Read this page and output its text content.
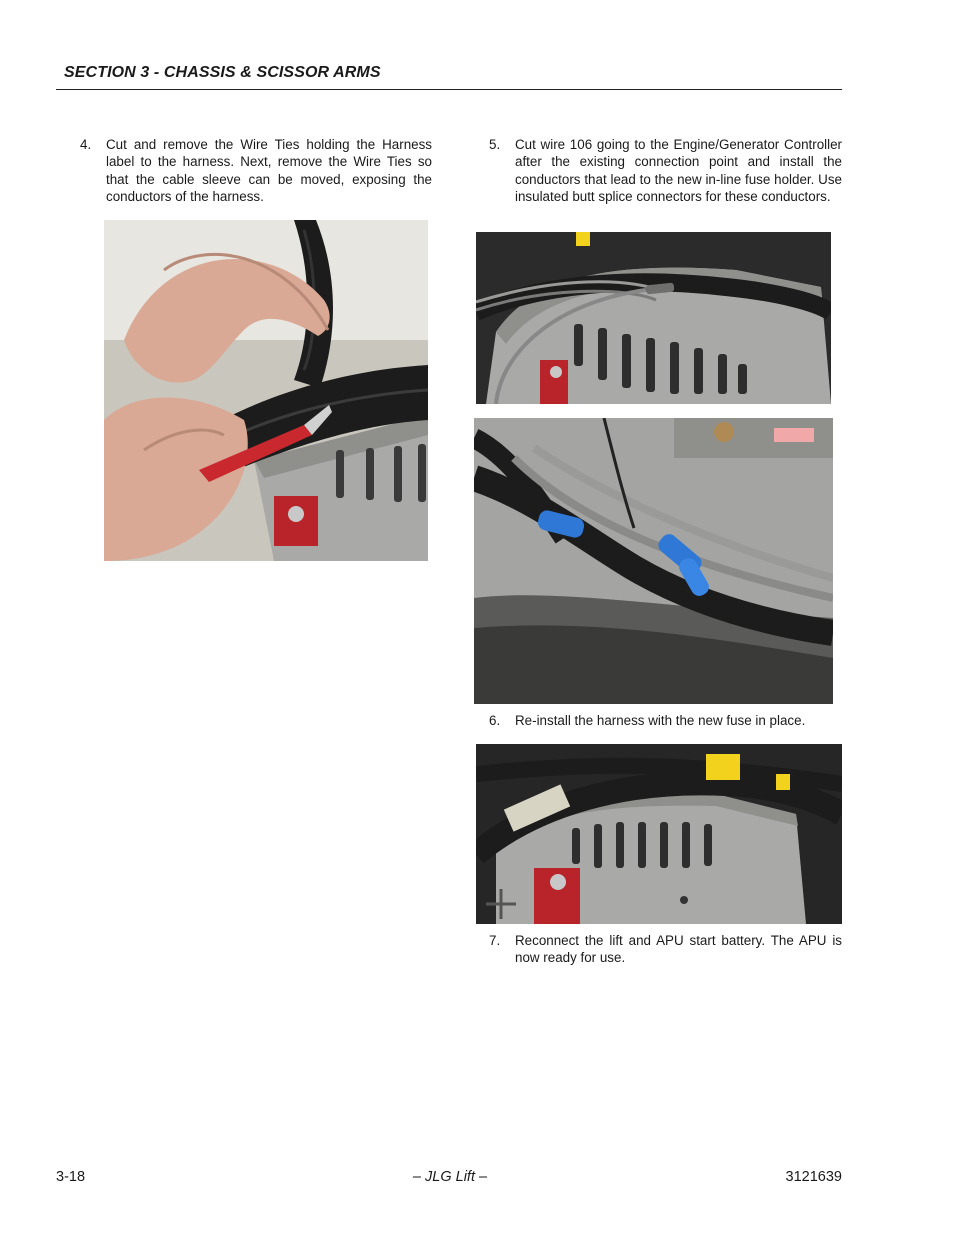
SECTION 3 - CHASSIS & SCISSOR ARMS
4. Cut and remove the Wire Ties holding the Harness label to the harness. Next, remove the Wire Ties so that the cable sleeve can be moved, exposing the conductors of the harness.
5. Cut wire 106 going to the Engine/Generator Controller after the existing connection point and install the conductors that lead to the new in-line fuse holder. Use insulated butt splice connectors for these conductors.
6. Re-install the harness with the new fuse in place.
7. Reconnect the lift and APU start battery. The APU is now ready for use.
3-18	– JLG Lift –	3121639
